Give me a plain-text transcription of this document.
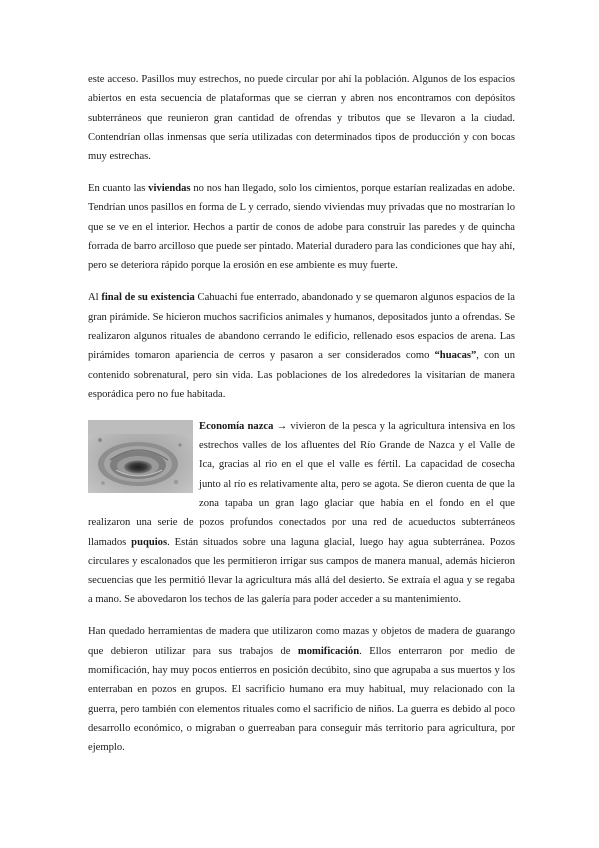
este acceso. Pasillos muy estrechos, no puede circular por ahí la población. Algunos de los espacios abiertos en esta secuencia de plataformas que se cierran y abren nos encontramos con depósitos subterráneos que reunieron gran cantidad de ofrendas y tributos que se llevaron a la ciudad. Contendrían ollas inmensas que sería utilizadas con determinados tipos de producción y con bocas muy estrechas.

En cuanto las viviendas no nos han llegado, solo los cimientos, porque estarían realizadas en adobe. Tendrían unos pasillos en forma de L y cerrado, siendo viviendas muy privadas que no mostrarían lo que se ve en el interior. Hechos a partir de conos de adobe para construir las paredes y de quincha forrada de barro arcilloso que puede ser pintado. Material duradero para las condiciones que hay ahí, pero se deteriora rápido porque la erosión en ese ambiente es muy fuerte.

Al final de su existencia Cahuachi fue enterrado, abandonado y se quemaron algunos espacios de la gran pirámide. Se hicieron muchos sacrificios animales y humanos, depositados junto a ofrendas. Se realizaron algunos rituales de abandono cerrando le edificio, rellenado esos espacios de arena. Las pirámides tomaron apariencia de cerros y pasaron a ser considerados como “huacas”, con un contenido sobrenatural, pero sin vida. Las poblaciones de los alrededores la visitarían de manera esporádica pero no fue habitada.

Economía nazca → vivieron de la pesca y la agricultura intensiva en los estrechos valles de los afluentes del Río Grande de Nazca y el Valle de Ica, gracias al rio en el que el valle es fértil. La capacidad de cosecha junto al río es relativamente alta, pero se agota. Se dieron cuenta de que la zona tapaba un gran lago glaciar que había en el fondo en el que realizaron una serie de pozos profundos conectados por una red de acueductos subterráneos llamados puquios. Están situados sobre una laguna glacial, luego hay agua subterránea. Pozos circulares y escalonados que les permitieron irrigar sus campos de manera manual, además hicieron secuencias que les permitió llevar la agricultura más allá del desierto. Se extraía el agua y se regaba a mano. Se abovedaron los techos de las galería para poder acceder a su mantenimiento.

Han quedado herramientas de madera que utilizaron como mazas y objetos de madera de guarango que debieron utilizar para sus trabajos de momificación. Ellos enterraron por medio de momificación, hay muy pocos entierros en posición decúbito, sino que agrupaba a sus muertos y los enterraban en pozos en grupos. El sacrificio humano era muy habitual, muy relacionado con la guerra, pero también con elementos rituales como el sacrificio de niños. La guerra es debido al poco desarrollo económico, o migraban o guerreaban para conseguir más territorio para agricultura, por ejemplo.
